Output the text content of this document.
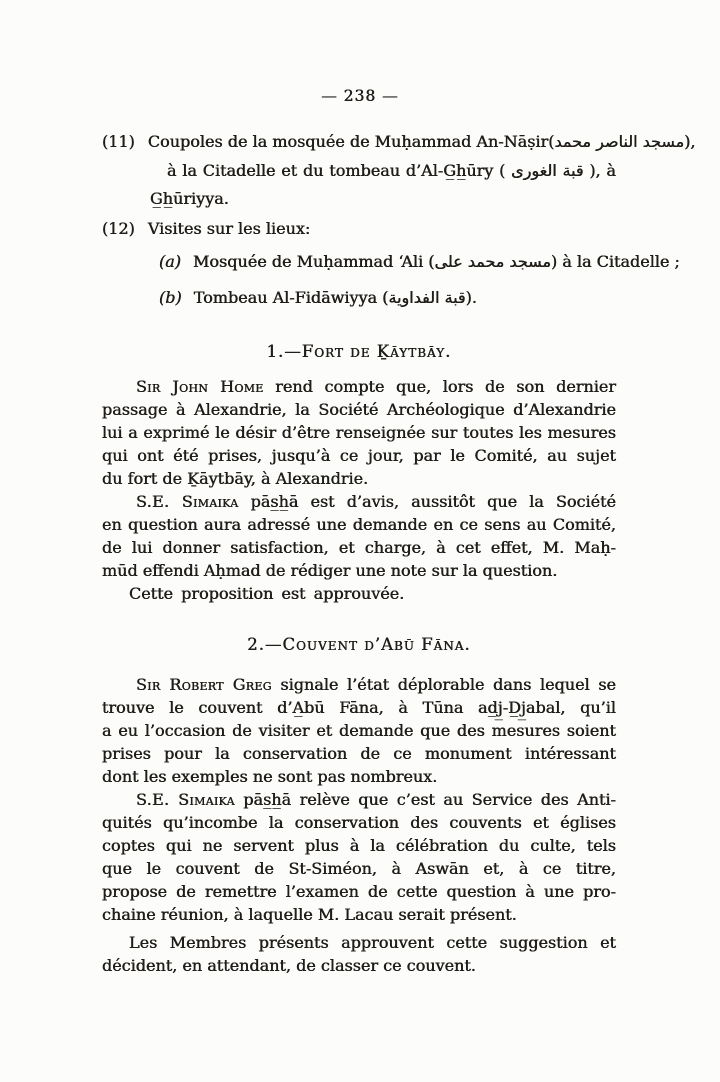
— 238 —
(11) Coupoles de la mosquée de Muḥammad An-Nāṣir(مسجد الناصر محمد),
à la Citadelle et du tombeau d’Al-G̲h̲ūry ( قبة الغورى ), à
G̲h̲ūriyya.
(12) Visites sur les lieux:
(a) Mosquée de Muḥammad ‘Ali (مسجد محمد على) à la Citadelle ;
(b) Tombeau Al-Fidāwiyya (قبة الفداوية).
1.—Fort de Ḵāytbāy.
Sir John Home rend compte que, lors de son dernier
passage à Alexandrie, la Société Archéologique d’Alexandrie
lui a exprimé le désir d’être renseignée sur toutes les mesures
qui ont été prises, jusqu’à ce jour, par le Comité, au sujet
du fort de Ḵāytbāy, à Alexandrie.
S.E. Simaika pās̲h̲ā est d’avis, aussitôt que la Société
en question aura adressé une demande en ce sens au Comité,
de lui donner satisfaction, et charge, à cet effet, M. Maḥ-
mūd effendi Aḥmad de rédiger une note sur la question.
Cette proposition est approuvée.
2.—Couvent d’Abū Fāna.
Sir Robert Greg signale l’état déplorable dans lequel se
trouve le couvent d’A̲bū Fāna, à Tūna ad̲j̲-D̲j̲abal, qu’il
a eu l’occasion de visiter et demande que des mesures soient
prises pour la conservation de ce monument intéressant
dont les exemples ne sont pas nombreux.
S.E. Simaika pās̲h̲ā relève que c’est au Service des Anti-
quités qu’incombe la conservation des couvents et églises
coptes qui ne servent plus à la célébration du culte, tels
que le couvent de St-Siméon, à Aswān et, à ce titre,
propose de remettre l’examen de cette question à une pro-
chaine réunion, à laquelle M. Lacau serait présent.
Les Membres présents approuvent cette suggestion et
décident, en attendant, de classer ce couvent.
